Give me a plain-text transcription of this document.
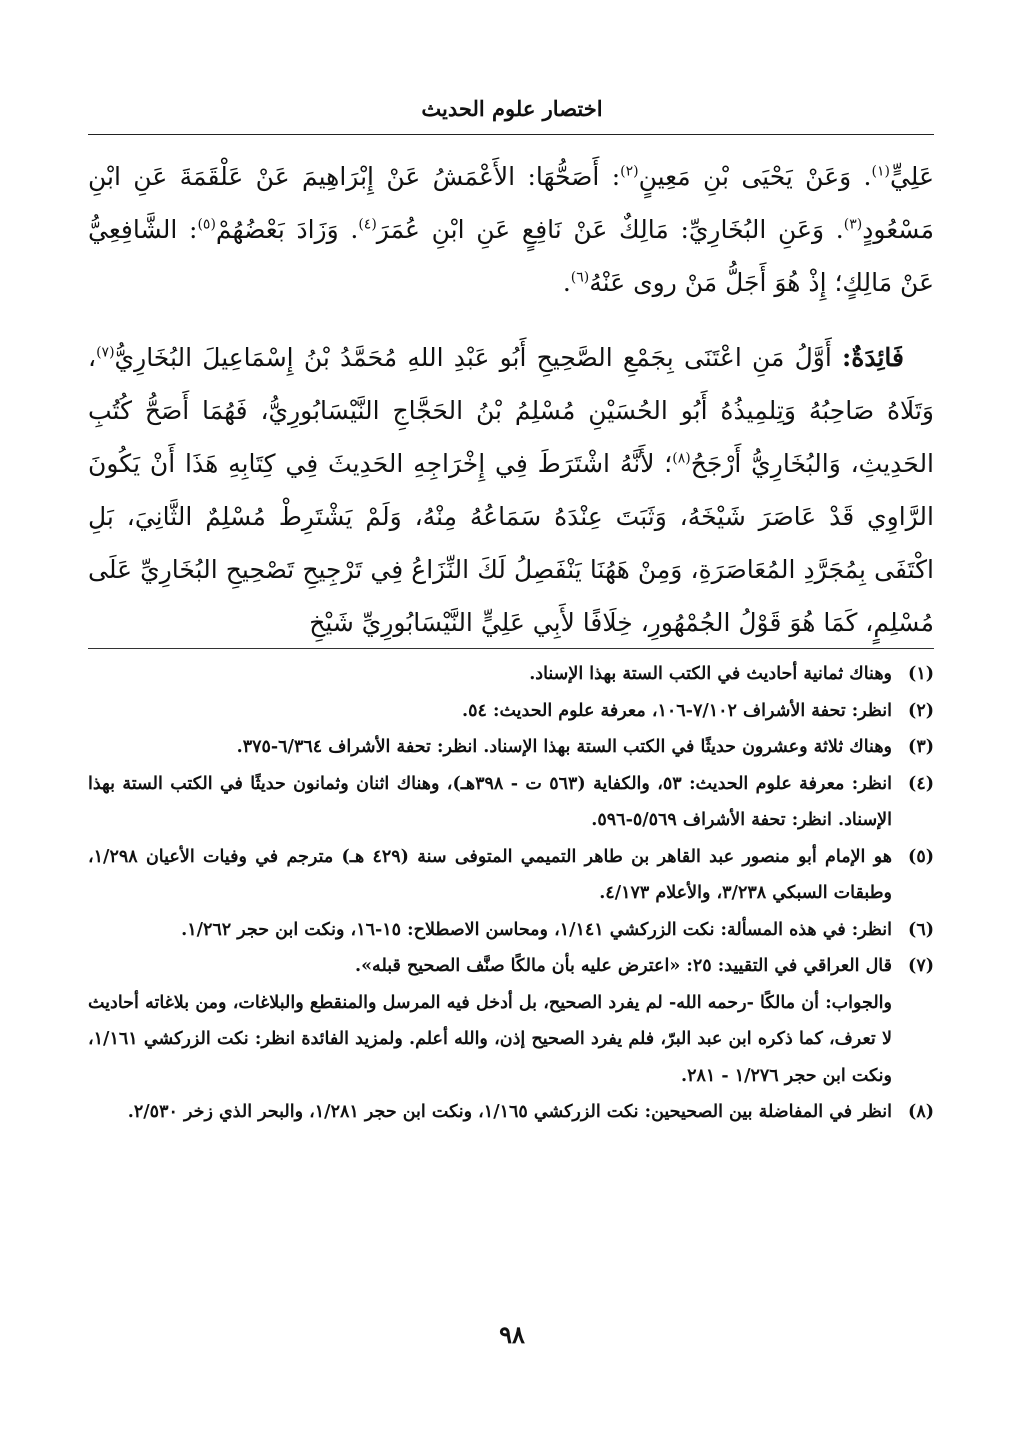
اختصار علوم الحديث

عَلِيٍّ$^{(١)}$. وَعَنْ يَحْيَى بْنِ مَعِينٍ$^{(٢)}$: أَصَحُّهَا: الأَعْمَشُ عَنْ إِبْرَاهِيمَ عَنْ عَلْقَمَةَ عَنِ ابْنِ مَسْعُودٍ$^{(٣)}$. وَعَنِ البُخَارِيِّ: مَالِكٌ عَنْ نَافِعٍ عَنِ ابْنِ عُمَرَ$^{(٤)}$. وَزَادَ بَعْضُهُمْ$^{(٥)}$: الشَّافِعِيُّ عَنْ مَالِكٍ؛ إِذْ هُوَ أَجَلُّ مَنْ روى عَنْهُ$^{(٦)}$.

فَائِدَةٌ: أَوَّلُ مَنِ اعْتَنَى بِجَمْعِ الصَّحِيحِ أَبُو عَبْدِ اللهِ مُحَمَّدُ بْنُ إِسْمَاعِيلَ البُخَارِيُّ$^{(٧)}$، وَتَلَاهُ صَاحِبُهُ وَتِلمِيذُهُ أَبُو الحُسَيْنِ مُسْلِمُ بْنُ الحَجَّاجِ النَّيْسَابُورِيُّ، فَهُمَا أَصَحُّ كُتُبِ الحَدِيثِ، وَالبُخَارِيُّ أَرْجَحُ$^{(٨)}$؛ لأَنَّهُ اشْتَرَطَ فِي إِخْرَاجِهِ الحَدِيثَ فِي كِتَابِهِ هَذَا أَنْ يَكُونَ الرَّاوِي قَدْ عَاصَرَ شَيْخَهُ، وَثَبَتَ عِنْدَهُ سَمَاعُهُ مِنْهُ، وَلَمْ يَشْتَرِطْ مُسْلِمٌ الثَّانِيَ، بَلِ اكْتَفَى بِمُجَرَّدِ المُعَاصَرَةِ، وَمِنْ هَهُنَا يَنْفَصِلُ لَكَ النِّزَاعُ فِي تَرْجِيحِ تَصْحِيحِ البُخَارِيِّ عَلَى مُسْلِمٍ، كَمَا هُوَ قَوْلُ الجُمْهُورِ، خِلَافًا لأَبِي عَلِيٍّ النَّيْسَابُورِيِّ شَيْخِ

(١)
وهناك ثمانية أحاديث في الكتب الستة بهذا الإسناد.
(٢)
انظر: تحفة الأشراف ٧/١٠٢-١٠٦، معرفة علوم الحديث: ٥٤.
(٣)
وهناك ثلاثة وعشرون حديثًا في الكتب الستة بهذا الإسناد. انظر: تحفة الأشراف ٦/٣٦٤-٣٧٥.
(٤)
انظر: معرفة علوم الحديث: ٥٣، والكفاية (٥٦٣ ت - ٣٩٨هـ)، وهناك اثنان وثمانون حديثًا في الكتب الستة بهذا الإسناد. انظر: تحفة الأشراف ٥/٥٦٩-٥٩٦.
(٥)
هو الإمام أبو منصور عبد القاهر بن طاهر التميمي المتوفى سنة (٤٢٩ هـ) مترجم في وفيات الأعيان ١/٢٩٨، وطبقات السبكي ٣/٢٣٨، والأعلام ٤/١٧٣.
(٦)
انظر: في هذه المسألة: نكت الزركشي ١/١٤١، ومحاسن الاصطلاح: ١٥-١٦، ونكت ابن حجر ١/٢٦٢.
(٧)
قال العراقي في التقييد: ٢٥: «اعترض عليه بأن مالكًا صنَّف الصحيح قبله».
والجواب: أن مالكًا -رحمه الله- لم يفرد الصحيح، بل أدخل فيه المرسل والمنقطع والبلاغات، ومن بلاغاته أحاديث لا تعرف، كما ذكره ابن عبد البرّ، فلم يفرد الصحيح إذن، والله أعلم. ولمزيد الفائدة انظر: نكت الزركشي ١/١٦١، ونكت ابن حجر ١/٢٧٦ - ٢٨١.
(٨)
انظر في المفاضلة بين الصحيحين: نكت الزركشي ١/١٦٥، ونكت ابن حجر ١/٢٨١، والبحر الذي زخر ٢/٥٣٠.
٩٨
